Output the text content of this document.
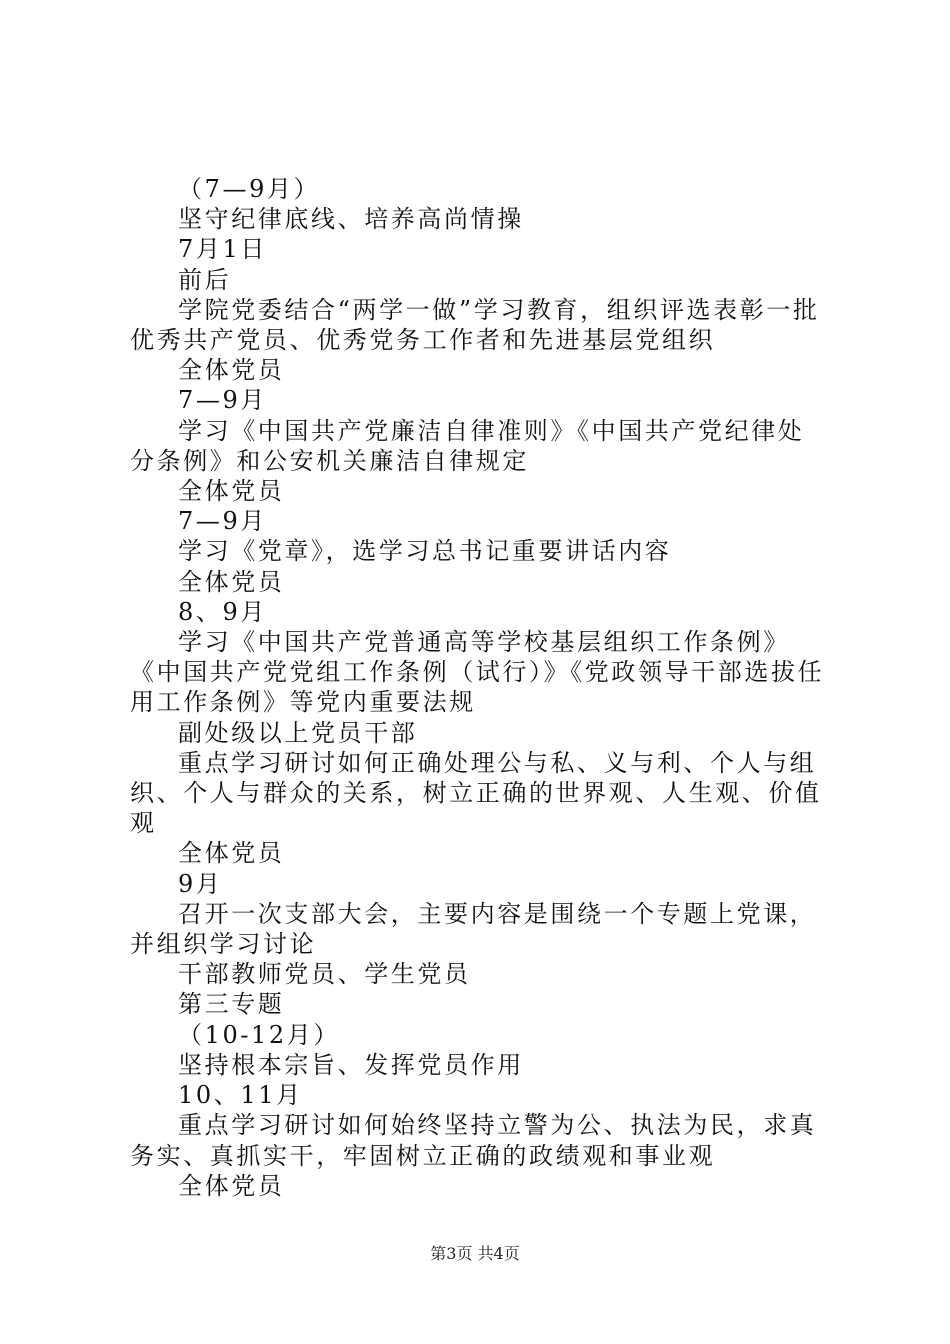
（7—9月）

坚守纪律底线、培养高尚情操

7月1日

前后

学院党委结合“两学一做”学习教育，组织评选表彰一批优秀共产党员、优秀党务工作者和先进基层党组织

全体党员

7—9月

学习《中国共产党廉洁自律准则》《中国共产党纪律处分条例》和公安机关廉洁自律规定

全体党员

7—9月

学习《党章》，选学习总书记重要讲话内容

全体党员

8、9月

学习《中国共产党普通高等学校基层组织工作条例》《中国共产党党组工作条例（试行）》《党政领导干部选拔任用工作条例》等党内重要法规

副处级以上党员干部

重点学习研讨如何正确处理公与私、义与利、个人与组织、个人与群众的关系，树立正确的世界观、人生观、价值观

全体党员

9月

召开一次支部大会，主要内容是围绕一个专题上党课，并组织学习讨论

干部教师党员、学生党员

第三专题

（10-12月）

坚持根本宗旨、发挥党员作用

10、11月

重点学习研讨如何始终坚持立警为公、执法为民，求真务实、真抓实干，牢固树立正确的政绩观和事业观

全体党员

第3页 共4页
